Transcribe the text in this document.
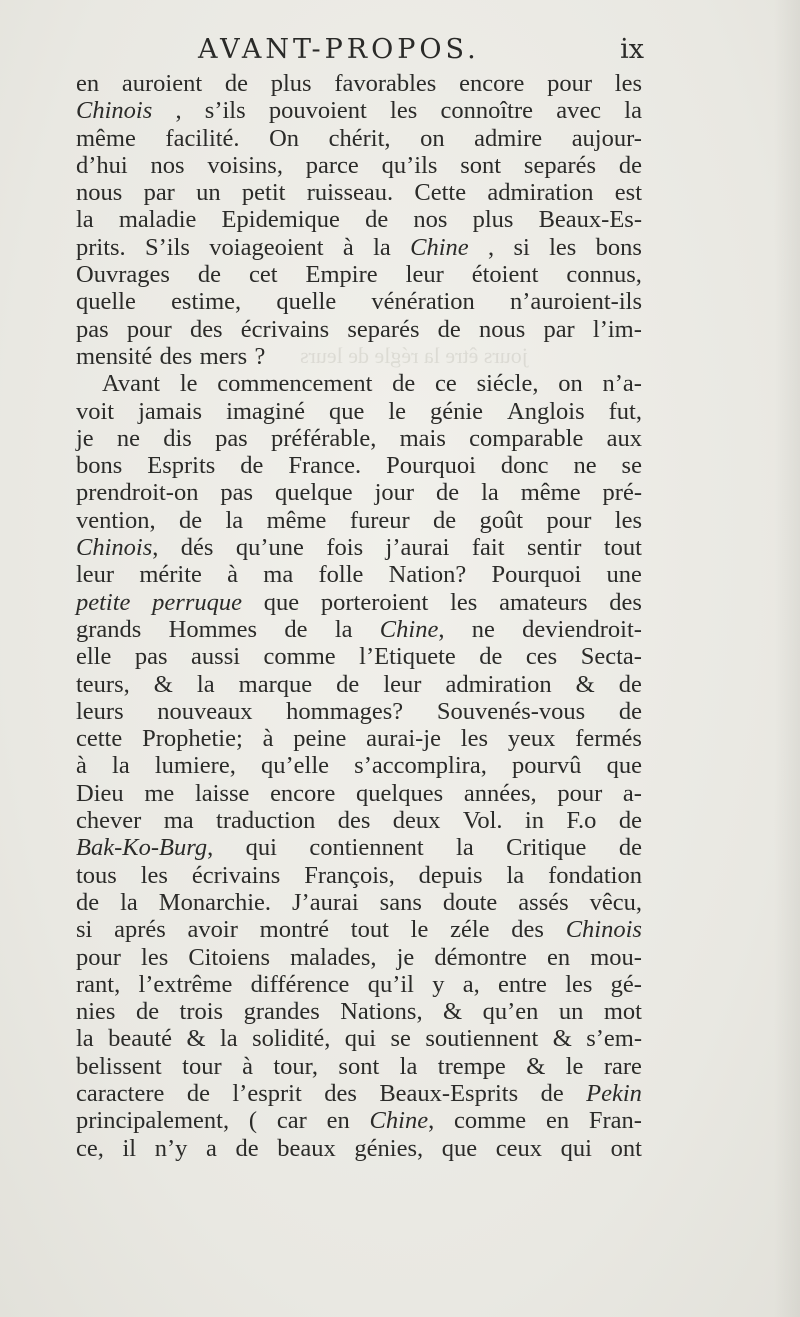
jours être la régle de leurs
AVANT-PROPOS.	ix
en auroient de plus favorables encore pour les
Chinois , s’ils pouvoient les connoître avec la
même facilité. On chérit, on admire aujour-
d’hui nos voisins, parce qu’ils sont separés de
nous par un petit ruisseau. Cette admiration est
la maladie Epidemique de nos plus Beaux-Es-
prits. S’ils voiageoient à la Chine , si les bons
Ouvrages de cet Empire leur étoient connus,
quelle estime, quelle vénération n’auroient-ils
pas pour des écrivains separés de nous par l’im-
mensité des mers ?
Avant le commencement de ce siécle, on n’a-
voit jamais imaginé que le génie Anglois fut,
je ne dis pas préférable, mais comparable aux
bons Esprits de France. Pourquoi donc ne se
prendroit-on pas quelque jour de la même pré-
vention, de la même fureur de goût pour les
Chinois, dés qu’une fois j’aurai fait sentir tout
leur mérite à ma folle Nation? Pourquoi une
petite perruque que porteroient les amateurs des
grands Hommes de la Chine, ne deviendroit-
elle pas aussi comme l’Etiquete de ces Secta-
teurs, & la marque de leur admiration & de
leurs nouveaux hommages? Souvenés-vous de
cette Prophetie; à peine aurai-je les yeux fermés
à la lumiere, qu’elle s’accomplira, pourvû que
Dieu me laisse encore quelques années, pour a-
chever ma traduction des deux Vol. in F.o de
Bak-Ko-Burg, qui contiennent la Critique de
tous les écrivains François, depuis la fondation
de la Monarchie. J’aurai sans doute assés vêcu,
si aprés avoir montré tout le zéle des Chinois
pour les Citoiens malades, je démontre en mou-
rant, l’extrême différence qu’il y a, entre les gé-
nies de trois grandes Nations, & qu’en un mot
la beauté & la solidité, qui se soutiennent & s’em-
belissent tour à tour, sont la trempe & le rare
caractere de l’esprit des Beaux-Esprits de Pekin
principalement, ( car en Chine, comme en Fran-
ce, il n’y a de beaux génies, que ceux qui ont
